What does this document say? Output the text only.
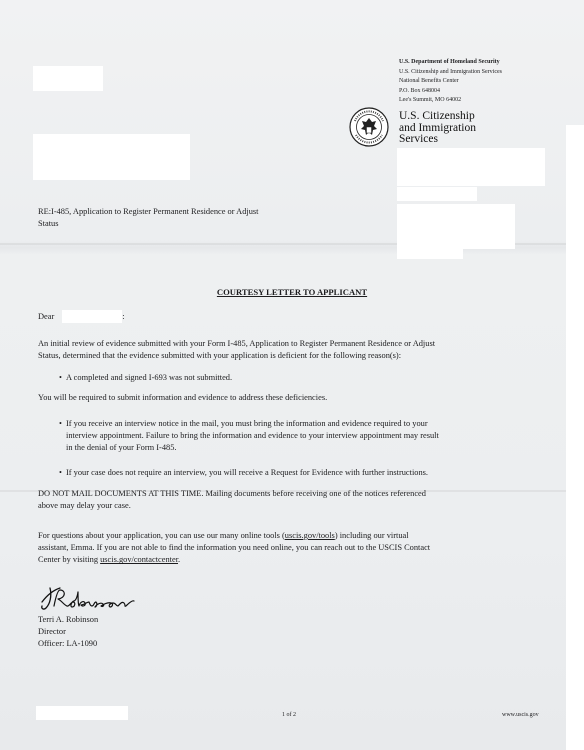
U.S. Department of Homeland Security
U.S. Citizenship and Immigration Services
National Benefits Center
P.O. Box 648004
Lee's Summit, MO 64002
U.S. Citizenship
and Immigration
Services
RE:I-485, Application to Register Permanent Residence or Adjust
Status
COURTESY LETTER TO APPLICANT
Dear	:
An initial review of evidence submitted with your Form I-485, Application to Register Permanent Residence or Adjust
Status, determined that the evidence submitted with your application is deficient for the following reason(s):
• A completed and signed I-693 was not submitted.
You will be required to submit information and evidence to address these deficiencies.
• If you receive an interview notice in the mail, you must bring the information and evidence required to your
interview appointment. Failure to bring the information and evidence to your interview appointment may result
in the denial of your Form I-485.
• If your case does not require an interview, you will receive a Request for Evidence with further instructions.
DO NOT MAIL DOCUMENTS AT THIS TIME. Mailing documents before receiving one of the notices referenced
above may delay your case.
For questions about your application, you can use our many online tools (uscis.gov/tools) including our virtual
assistant, Emma. If you are not able to find the information you need online, you can reach out to the USCIS Contact
Center by visiting uscis.gov/contactcenter.
TRobinson
Terri A. Robinson
Director
Officer: LA-1090
1 of 2	www.uscis.gov
